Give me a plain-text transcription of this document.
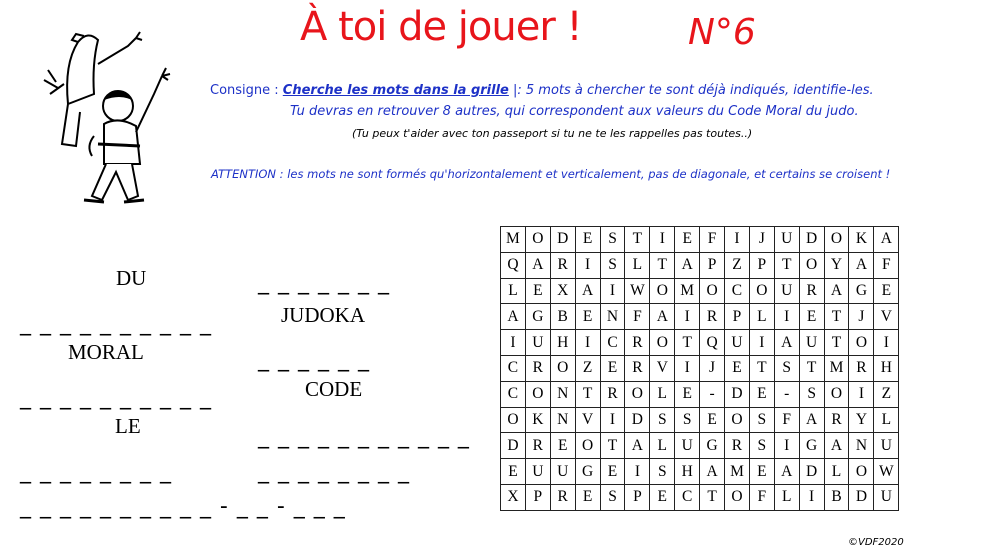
À toi de jouer !	N°6
Consigne : Cherche les mots dans la grille |: 5 mots à chercher te sont déjà indiqués, identifie-les.
Tu devras en retrouver 8 autres, qui correspondent aux valeurs du Code Moral du judo.
(Tu peux t'aider avec ton passeport si tu ne te les rappelles pas toutes..)
ATTENTION : les mots ne sont formés qu'horizontalement et verticalement, pas de diagonale, et certains se croisent !
DU	_ _ _ _ _ _ _
_ _ _ _ _ _ _ _ _ _	JUDOKA
MORAL	_ _ _ _ _ _
CODE
_ _ _ _ _ _ _ _ _ _
LE	_ _ _ _ _ _ _ _ _ _ _
_ _ _ _ _ _ _ _	_ _ _ _ _ _ _ _
_ _ _ _ _ _ _ _ _ _ - _ _ - _ _ _
M	O	D	E	S	T	I	E	F	I	J	U	D	O	K	A
Q	A	R	I	S	L	T	A	P	Z	P	T	O	Y	A	F
L	E	X	A	I	W	O	M	O	C	O	U	R	A	G	E
A	G	B	E	N	F	A	I	R	P	L	I	E	T	J	V
I	U	H	I	C	R	O	T	Q	U	I	A	U	T	O	I
C	R	O	Z	E	R	V	I	J	E	T	S	T	M	R	H
C	O	N	T	R	O	L	E	-	D	E	-	S	O	I	Z
O	K	N	V	I	D	S	S	E	O	S	F	A	R	Y	L
D	R	E	O	T	A	L	U	G	R	S	I	G	A	N	U
E	U	U	G	E	I	S	H	A	M	E	A	D	L	O	W
X	P	R	E	S	P	E	C	T	O	F	L	I	B	D	U
©VDF2020
